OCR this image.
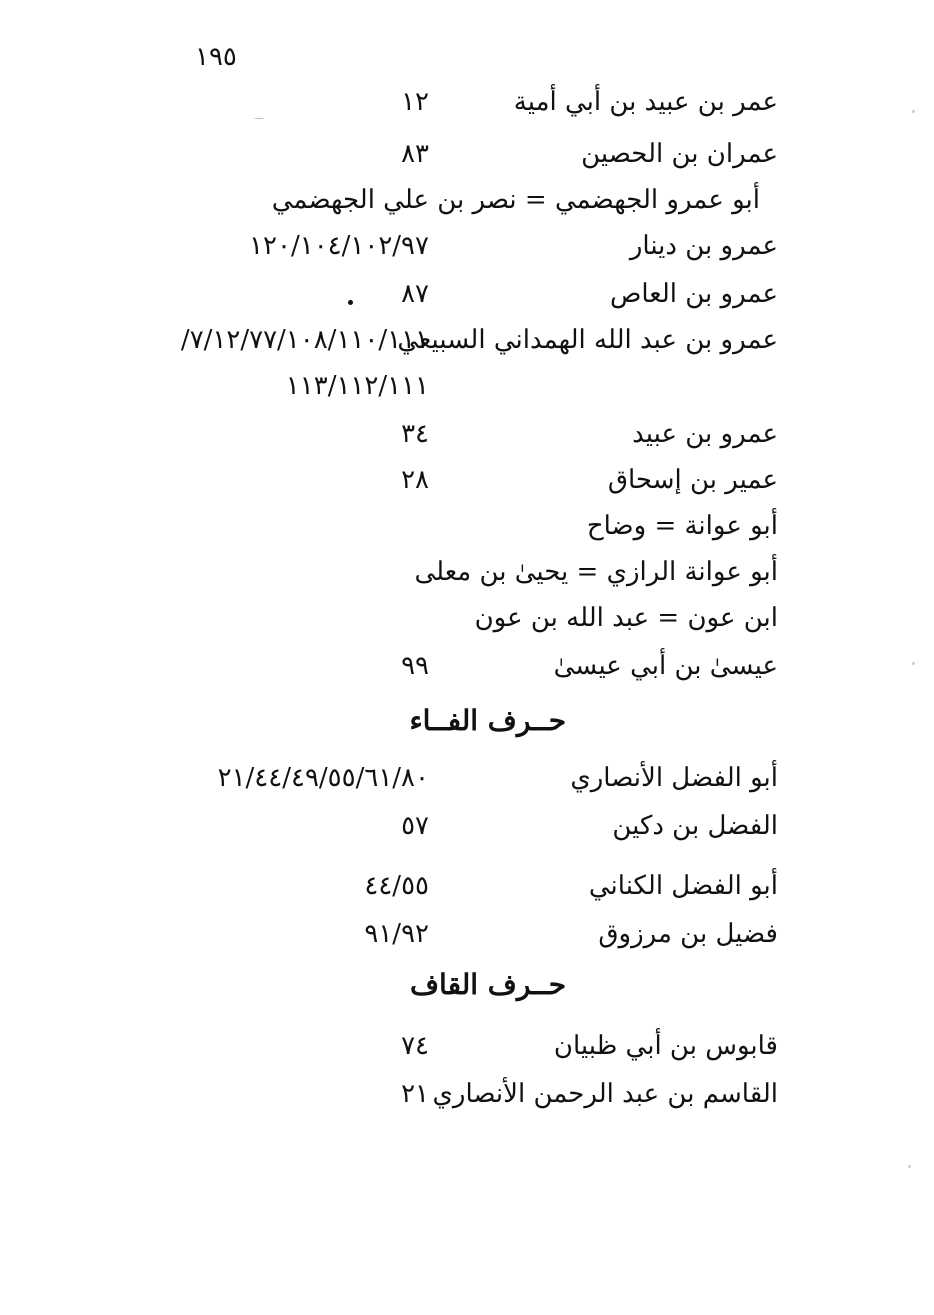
١٩٥
عمر بن عبيد بن أبي أمية
١٢
عمران بن الحصين
٨٣
أبو عمرو الجهضمي = نصر بن علي الجهضمي
عمرو بن دينار
١٢٠/١٠٤/١٠٢/٩٧
عمرو بن العاص
٨٧
عمرو بن عبد الله الهمداني السبيعي
٧/١٢/٧٧/١٠٨/١١٠/١١١/
١١٣/١١٢/١١١
عمرو بن عبيد
٣٤
عمير بن إسحاق
٢٨
أبو عوانة = وضاح
أبو عوانة الرازي = يحيىٰ بن معلى
ابن عون = عبد الله بن عون
عيسىٰ بن أبي عيسىٰ
٩٩
حــرف الفــاء
أبو الفضل الأنصاري
٢١/٤٤/٤٩/٥٥/٦١/٨٠
الفضل بن دكين
٥٧
أبو الفضل الكناني
٤٤/٥٥
فضيل بن مرزوق
٩١/٩٢
حــرف القاف
قابوس بن أبي ظبيان
٧٤
القاسم بن عبد الرحمن الأنصاري
٢١
